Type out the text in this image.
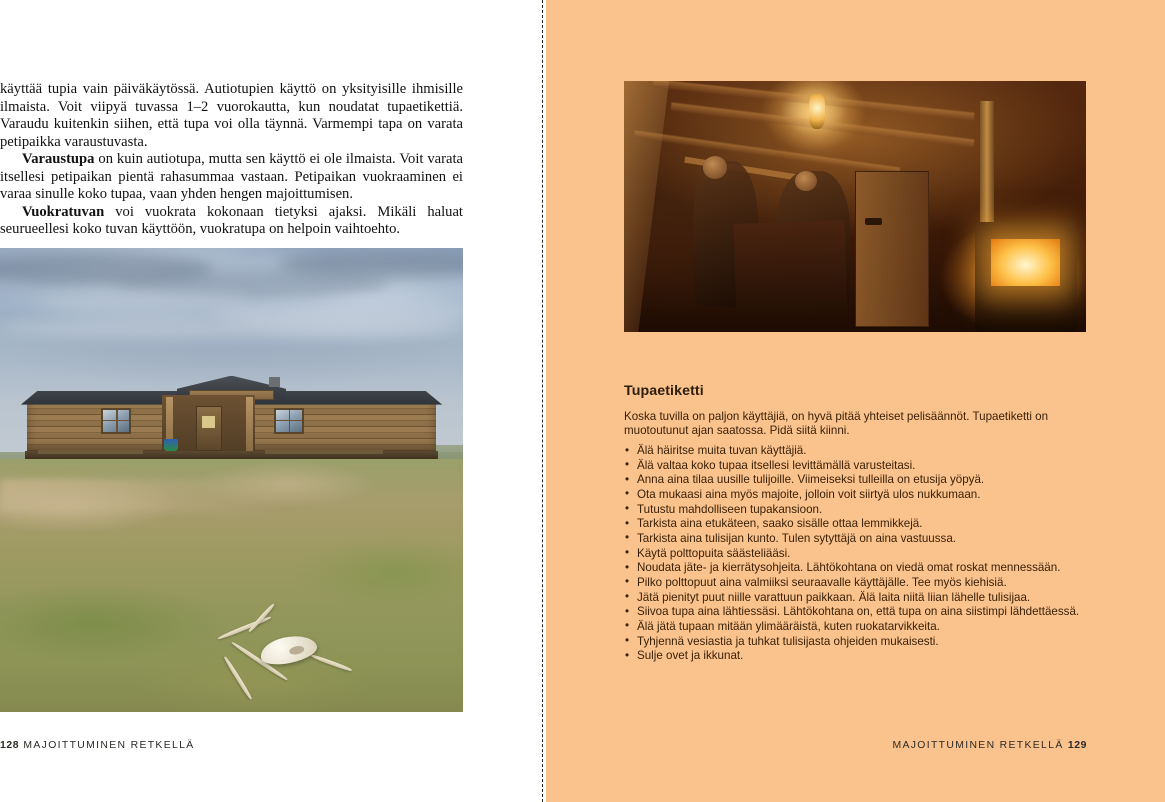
käyttää tupia vain päiväkäytössä. Autiotupien käyttö on yksityisille ihmisille ilmaista. Voit viipyä tuvassa 1–2 vuorokautta, kun noudatat tupaetikettiä. Varaudu kuitenkin siihen, että tupa voi olla täynnä. Varmempi tapa on varata petipaikka varaustuvasta.

Varaustupa on kuin autiotupa, mutta sen käyttö ei ole ilmaista. Voit varata itsellesi petipaikan pientä rahasummaa vastaan. Petipaikan vuokraaminen ei varaa sinulle koko tupaa, vaan yhden hengen majoittumisen.

Vuokratuvan voi vuokrata kokonaan tietyksi ajaksi. Mikäli haluat seurueellesi koko tuvan käyttöön, vuokratupa on helpoin vaihtoehto.

128 MAJOITTUMINEN RETKELLÄ
Tupaetiketti

Koska tuvilla on paljon käyttäjiä, on hyvä pitää yhteiset pelisäännöt. Tupaetiketti on muotoutunut ajan saatossa. Pidä siitä kiinni.

• Älä häiritse muita tuvan käyttäjiä.
• Älä valtaa koko tupaa itsellesi levittämällä varusteitasi.
• Anna aina tilaa uusille tulijoille. Viimeiseksi tulleilla on etusija yöpyä.
• Ota mukaasi aina myös majoite, jolloin voit siirtyä ulos nukkumaan.
• Tutustu mahdolliseen tupakansioon.
• Tarkista aina etukäteen, saako sisälle ottaa lemmikkejä.
• Tarkista aina tulisijan kunto. Tulen sytyttäjä on aina vastuussa.
• Käytä polttopuita säästeliääsi.
• Noudata jäte- ja kierrätysohjeita. Lähtökohtana on viedä omat roskat mennessään.
• Pilko polttopuut aina valmiiksi seuraavalle käyttäjälle. Tee myös kiehisiä.
• Jätä pienityt puut niille varattuun paikkaan. Älä laita niitä liian lähelle tulisijaa.
• Siivoa tupa aina lähtiessäsi. Lähtökohtana on, että tupa on aina siistimpi lähdettäessä.
• Älä jätä tupaan mitään ylimääräistä, kuten ruokatarvikkeita.
• Tyhjennä vesiastia ja tuhkat tulisijasta ohjeiden mukaisesti.
• Sulje ovet ja ikkunat.
MAJOITTUMINEN RETKELLÄ 129
